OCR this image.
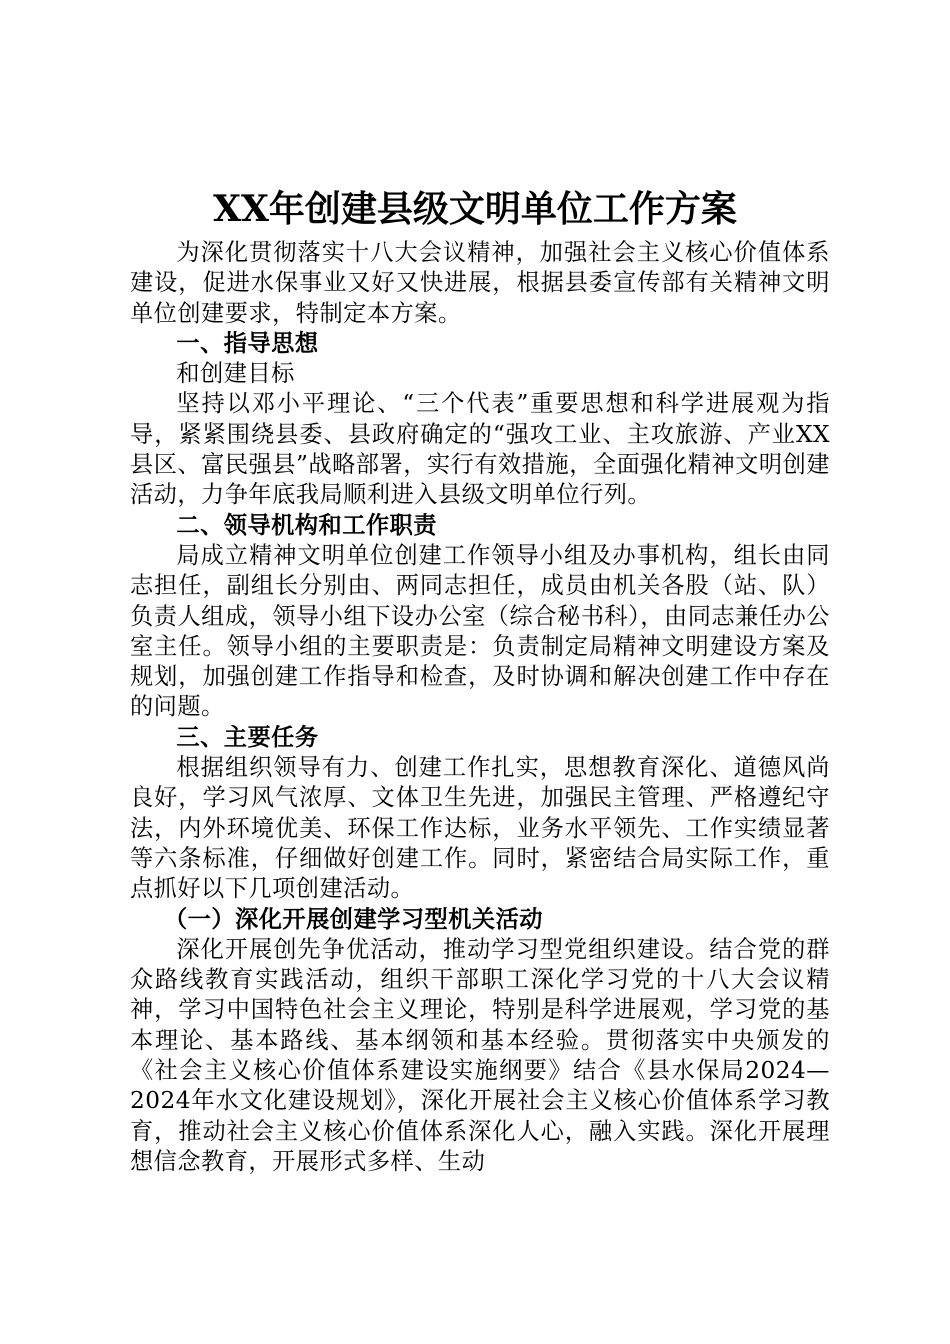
XX年创建县级文明单位工作方案

为深化贯彻落实十八大会议精神，加强社会主义核心价值体系建设，促进水保事业又好又快进展，根据县委宣传部有关精神文明单位创建要求，特制定本方案。

一、指导思想

和创建目标

坚持以邓小平理论、“三个代表”重要思想和科学进展观为指导，紧紧围绕县委、县政府确定的“强攻工业、主攻旅游、产业XX县区、富民强县”战略部署，实行有效措施，全面强化精神文明创建活动，力争年底我局顺利进入县级文明单位行列。

二、领导机构和工作职责

局成立精神文明单位创建工作领导小组及办事机构，组长由同志担任，副组长分别由、两同志担任，成员由机关各股（站、队）负责人组成，领导小组下设办公室（综合秘书科），由同志兼任办公室主任。领导小组的主要职责是：负责制定局精神文明建设方案及规划，加强创建工作指导和检查，及时协调和解决创建工作中存在的问题。

三、主要任务

根据组织领导有力、创建工作扎实，思想教育深化、道德风尚良好，学习风气浓厚、文体卫生先进，加强民主管理、严格遵纪守法，内外环境优美、环保工作达标，业务水平领先、工作实绩显著等六条标准，仔细做好创建工作。同时，紧密结合局实际工作，重点抓好以下几项创建活动。

（一）深化开展创建学习型机关活动

深化开展创先争优活动，推动学习型党组织建设。结合党的群众路线教育实践活动，组织干部职工深化学习党的十八大会议精神，学习中国特色社会主义理论，特别是科学进展观，学习党的基本理论、基本路线、基本纲领和基本经验。贯彻落实中央颁发的《社会主义核心价值体系建设实施纲要》结合《县水保局2024—2024年水文化建设规划》，深化开展社会主义核心价值体系学习教育，推动社会主义核心价值体系深化人心，融入实践。深化开展理想信念教育，开展形式多样、生动
